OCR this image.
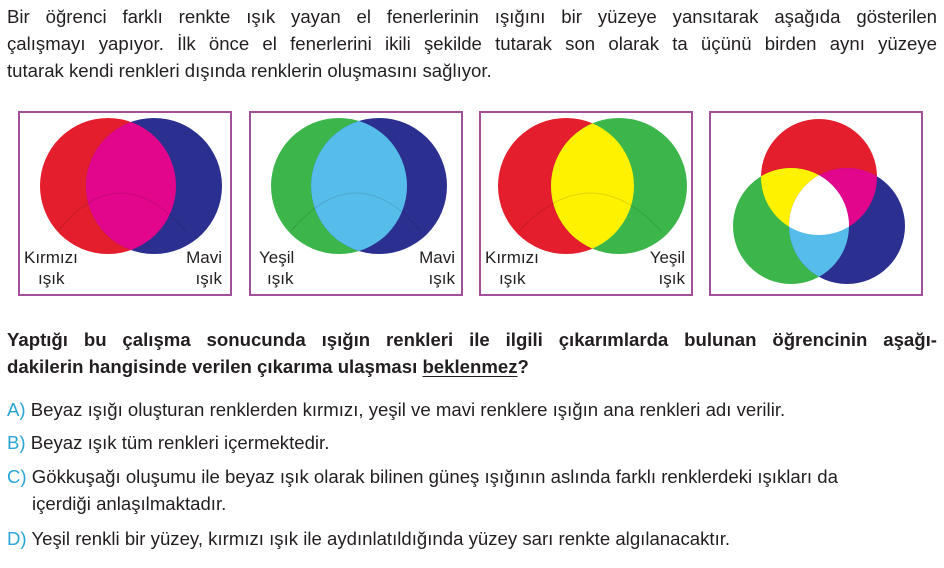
Bir öğrenci farklı renkte ışık yayan el fenerlerinin ışığını bir yüzeye yansıtarak aşağıda gösterilen
çalışmayı yapıyor. İlk önce el fenerlerini ikili şekilde tutarak son olarak ta üçünü birden aynı yüzeye
tutarak kendi renkleri dışında renklerin oluşmasını sağlıyor.
Kırmızı
ışık
Mavi
ışık
Yeşil
ışık
Mavi
ışık
Kırmızı
ışık
Yeşil
ışık
Yaptığı bu çalışma sonucunda ışığın renkleri ile ilgili çıkarımlarda bulunan öğrencinin aşağı-
dakilerin hangisinde verilen çıkarıma ulaşması beklenmez?
A) Beyaz ışığı oluşturan renklerden kırmızı, yeşil ve mavi renklere ışığın ana renkleri adı verilir.
B) Beyaz ışık tüm renkleri içermektedir.
C) Gökkuşağı oluşumu ile beyaz ışık olarak bilinen güneş ışığının aslında farklı renklerdeki ışıkları da
içerdiği anlaşılmaktadır.
D) Yeşil renkli bir yüzey, kırmızı ışık ile aydınlatıldığında yüzey sarı renkte algılanacaktır.
